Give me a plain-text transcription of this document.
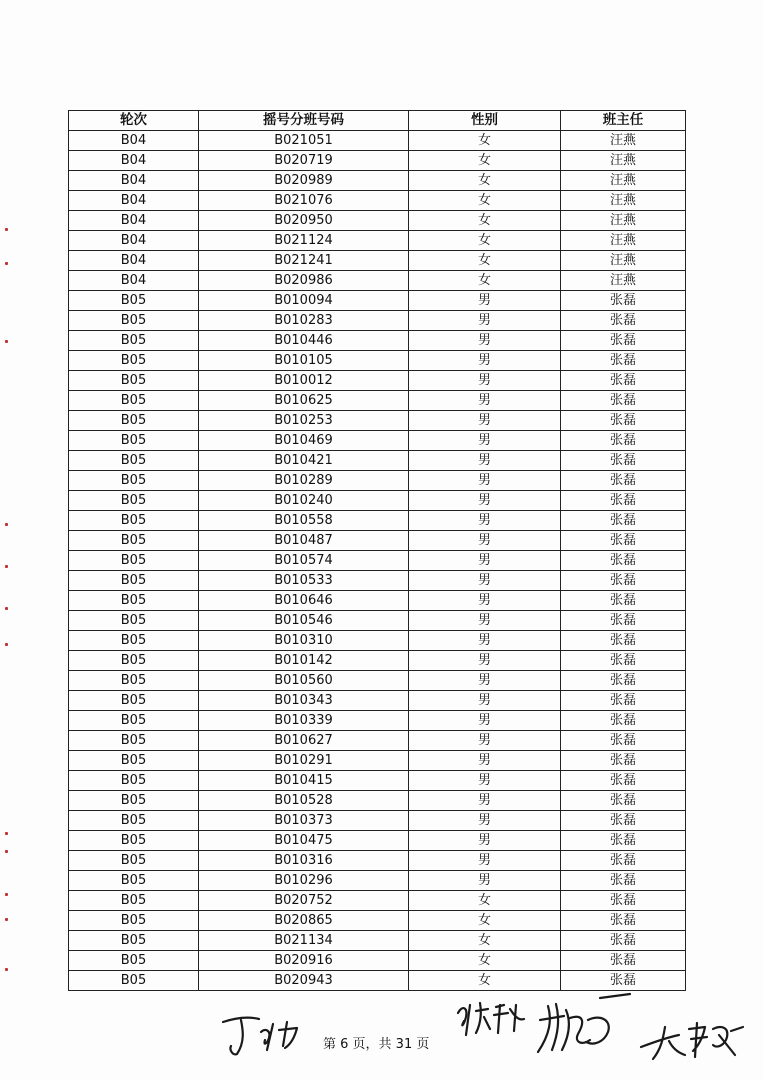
轮次	摇号分班号码	性别	班主任
B04	B021051	女	汪燕
B04	B020719	女	汪燕
B04	B020989	女	汪燕
B04	B021076	女	汪燕
B04	B020950	女	汪燕
B04	B021124	女	汪燕
B04	B021241	女	汪燕
B04	B020986	女	汪燕
B05	B010094	男	张磊
B05	B010283	男	张磊
B05	B010446	男	张磊
B05	B010105	男	张磊
B05	B010012	男	张磊
B05	B010625	男	张磊
B05	B010253	男	张磊
B05	B010469	男	张磊
B05	B010421	男	张磊
B05	B010289	男	张磊
B05	B010240	男	张磊
B05	B010558	男	张磊
B05	B010487	男	张磊
B05	B010574	男	张磊
B05	B010533	男	张磊
B05	B010646	男	张磊
B05	B010546	男	张磊
B05	B010310	男	张磊
B05	B010142	男	张磊
B05	B010560	男	张磊
B05	B010343	男	张磊
B05	B010339	男	张磊
B05	B010627	男	张磊
B05	B010291	男	张磊
B05	B010415	男	张磊
B05	B010528	男	张磊
B05	B010373	男	张磊
B05	B010475	男	张磊
B05	B010316	男	张磊
B05	B010296	男	张磊
B05	B020752	女	张磊
B05	B020865	女	张磊
B05	B021134	女	张磊
B05	B020916	女	张磊
B05	B020943	女	张磊
第 6 页，共 31 页
